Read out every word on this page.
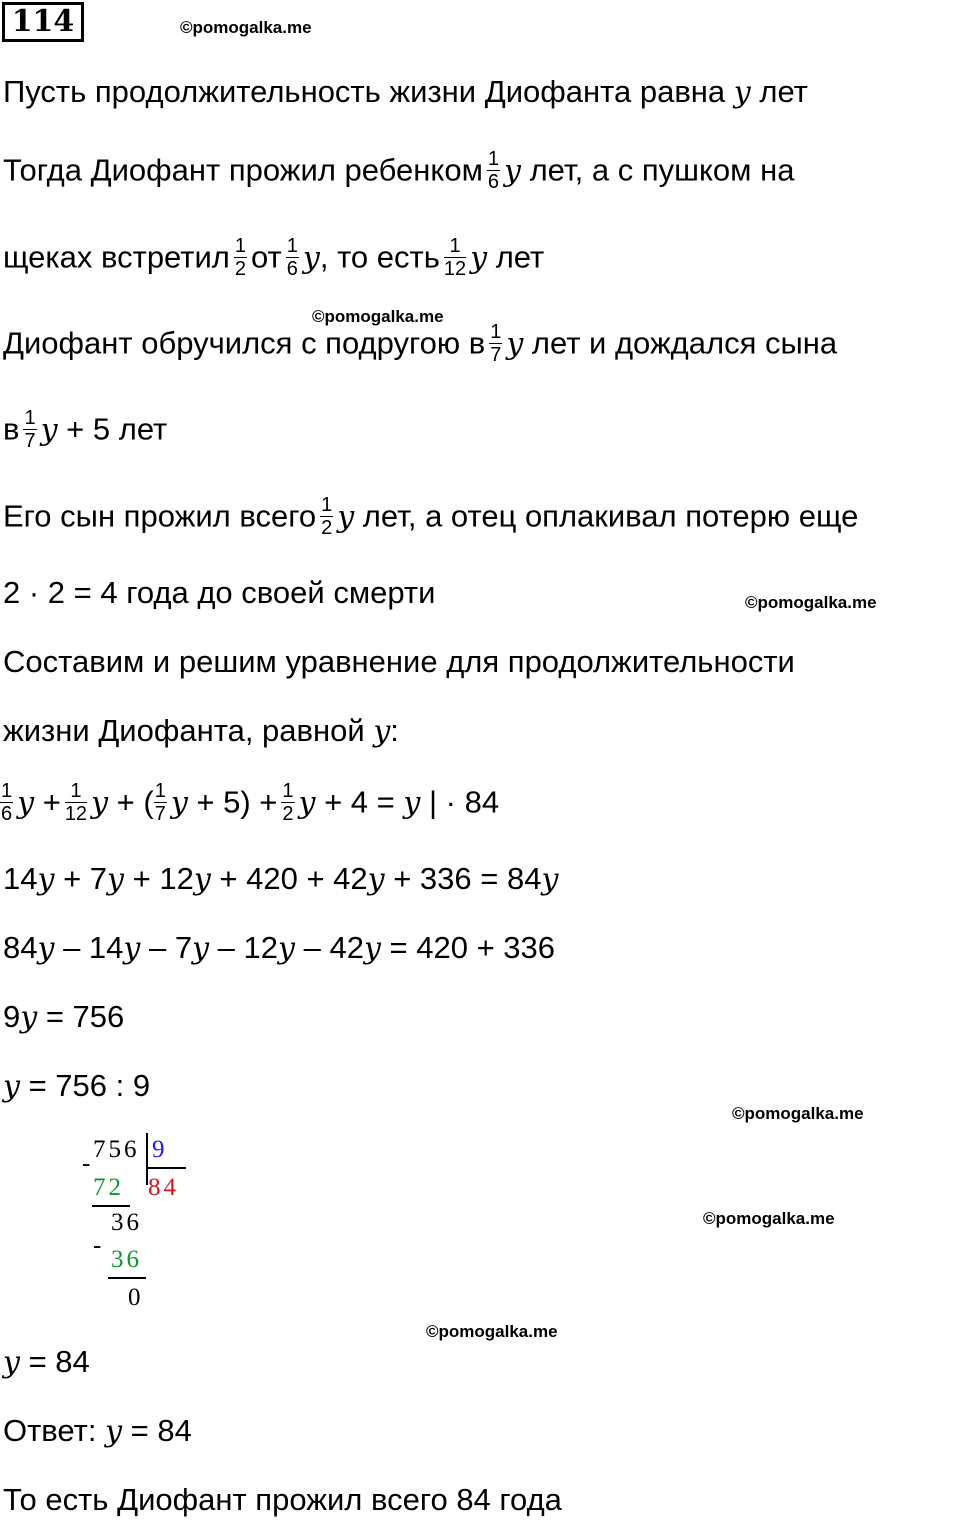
114	©pomogalka.me
Пусть продолжительность жизни Диофанта равна y лет
Тогда Диофант прожил ребенком $\frac{1}{6}$ y лет, а с пушком на
щеках встретил $\frac{1}{2}$ от $\frac{1}{6} y$, то есть $\frac{1}{12}$ y лет
©pomogalka.me
Диофант обручился с подругою в $\frac{1}{7}$ y лет и дождался сына
в $\frac{1}{7}$ y + 5 лет
Его сын прожил всего $\frac{1}{2}$ y лет, а отец оплакивал потерю еще
2 · 2 = 4 года до своей смерти	©pomogalka.me
Составим и решим уравнение для продолжительности
жизни Диофанта, равной y:
$\frac{1}{6}$ $y + \frac{1}{12}$ y + ( $\frac{1}{7}$ $y + 5) + \frac{1}{2}$ y + 4 = y | · 84
14y + 7y + 12y + 420 + 42y + 336 = 84y
84y – 14y – 7y – 12y – 42y = 420 + 336
9y = 756
y = 756 : 9
©pomogalka.me
-
756 9
84
72
36
-
36
0
©pomogalka.me
©pomogalka.me
y = 84
Ответ: y = 84
То есть Диофант прожил всего 84 года
